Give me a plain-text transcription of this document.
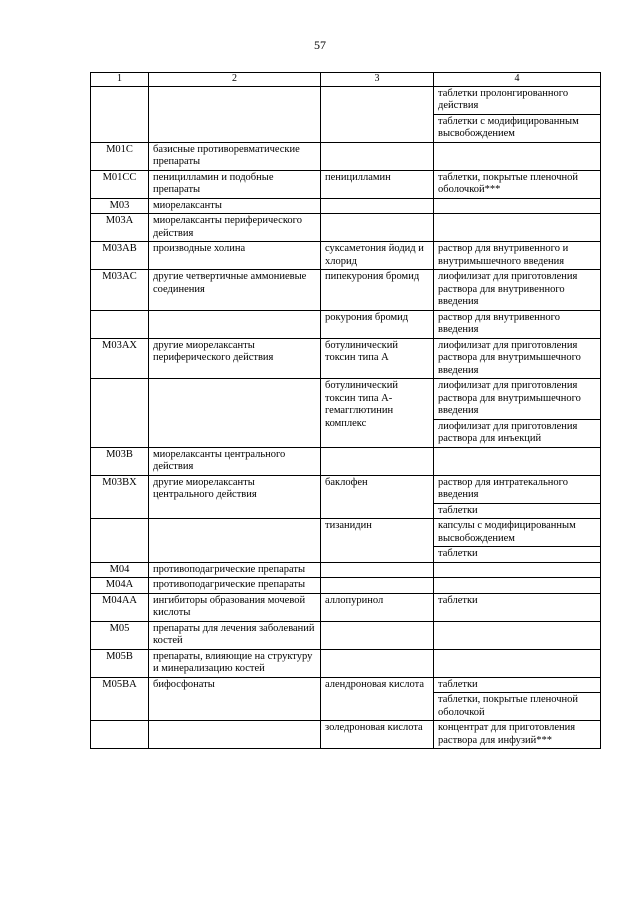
57
1	2	3	4

			таблетки пролонгированного действия
таблетки с модифицированным высвобождением

M01C	базисные противоревматические препараты		

M01CC	пеницилламин и подобные препараты	пеницилламин	таблетки, покрытые пленочной оболочкой***

M03	миорелаксанты		

M03A	миорелаксанты периферического действия		

M03AB	производные холина	суксаметония йодид и хлорид	раствор для внутривенного и внутримышечного введения

M03AC	другие четвертичные аммониевые соединения	пипекурония бромид	лиофилизат для приготовления раствора для внутривенного введения

		рокурония бромид	раствор для внутривенного введения

M03AX	другие миорелаксанты периферического действия	ботулинический токсин типа A	лиофилизат для приготовления раствора для внутримышечного введения

		ботулинический токсин типа A-гемагглютинин комплекс	лиофилизат для приготовления раствора для внутримышечного введения
лиофилизат для приготовления раствора для инъекций

M03B	миорелаксанты центрального действия		

M03BX	другие миорелаксанты центрального действия	баклофен	раствор для интратекального введения
таблетки

		тизанидин	капсулы с модифицированным высвобождением
таблетки

M04	противоподагрические препараты		

M04A	противоподагрические препараты		

M04AA	ингибиторы образования мочевой кислоты	аллопуринол	таблетки

M05	препараты для лечения заболеваний костей		

M05B	препараты, влияющие на структуру и минерализацию костей		

M05BA	бифосфонаты	алендроновая кислота	таблетки
таблетки, покрытые пленочной оболочкой

		золедроновая кислота	концентрат для приготовления раствора для инфузий***
